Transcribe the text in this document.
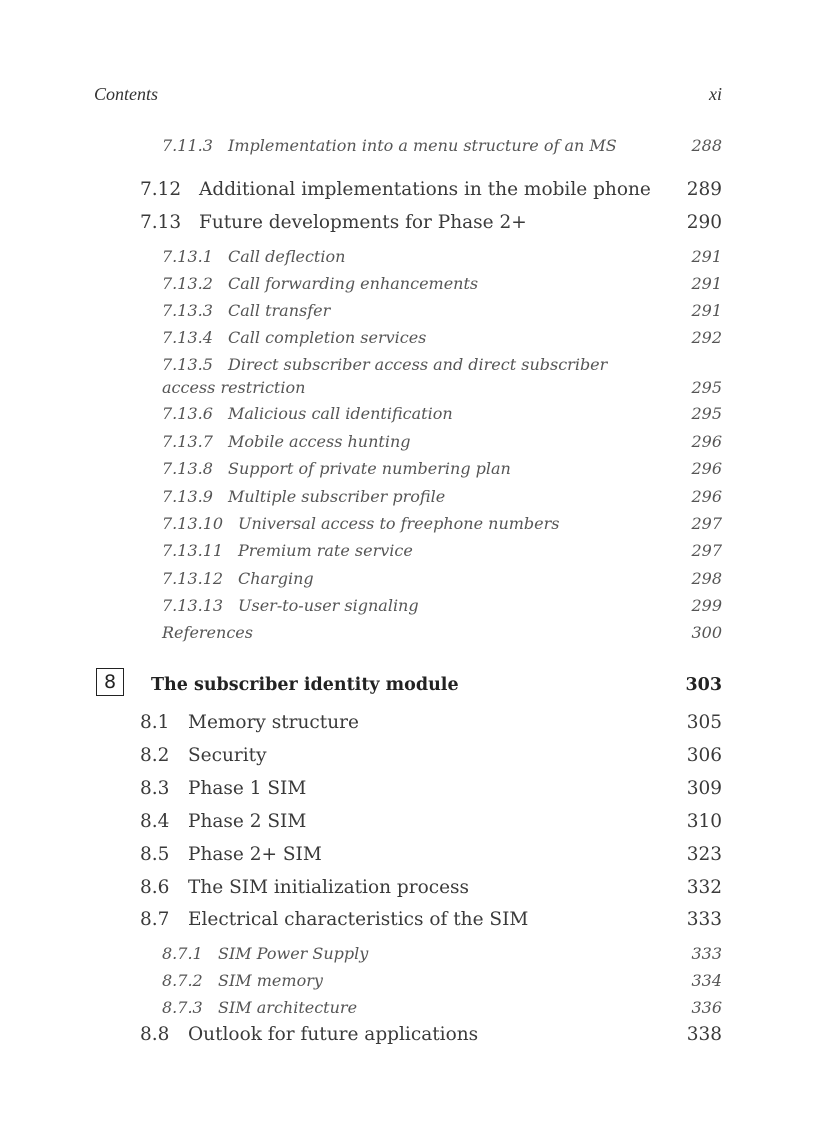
Contents	xi
7.11.3 Implementation into a menu structure of an MS	288
7.12 Additional implementations in the mobile phone 289
7.13 Future developments for Phase 2+	290
7.13.1 Call deflection	291
7.13.2 Call forwarding enhancements	291
7.13.3 Call transfer	291
7.13.4 Call completion services	292
7.13.5 Direct subscriber access and direct subscriber
access restriction	295
7.13.6 Malicious call identification	295
7.13.7 Mobile access hunting	296
7.13.8 Support of private numbering plan	296
7.13.9 Multiple subscriber profile	296
7.13.10 Universal access to freephone numbers	297
7.13.11 Premium rate service	297
7.13.12 Charging	298
7.13.13 User-to-user signaling	299
References	300
8	The subscriber identity module	303
8.1 Memory structure	305
8.2 Security	306
8.3 Phase 1 SIM	309
8.4 Phase 2 SIM	310
8.5 Phase 2+ SIM	323
8.6 The SIM initialization process	332
8.7 Electrical characteristics of the SIM	333
8.7.1 SIM Power Supply	333
8.7.2 SIM memory	334
8.7.3 SIM architecture	336
8.8 Outlook for future applications	338
